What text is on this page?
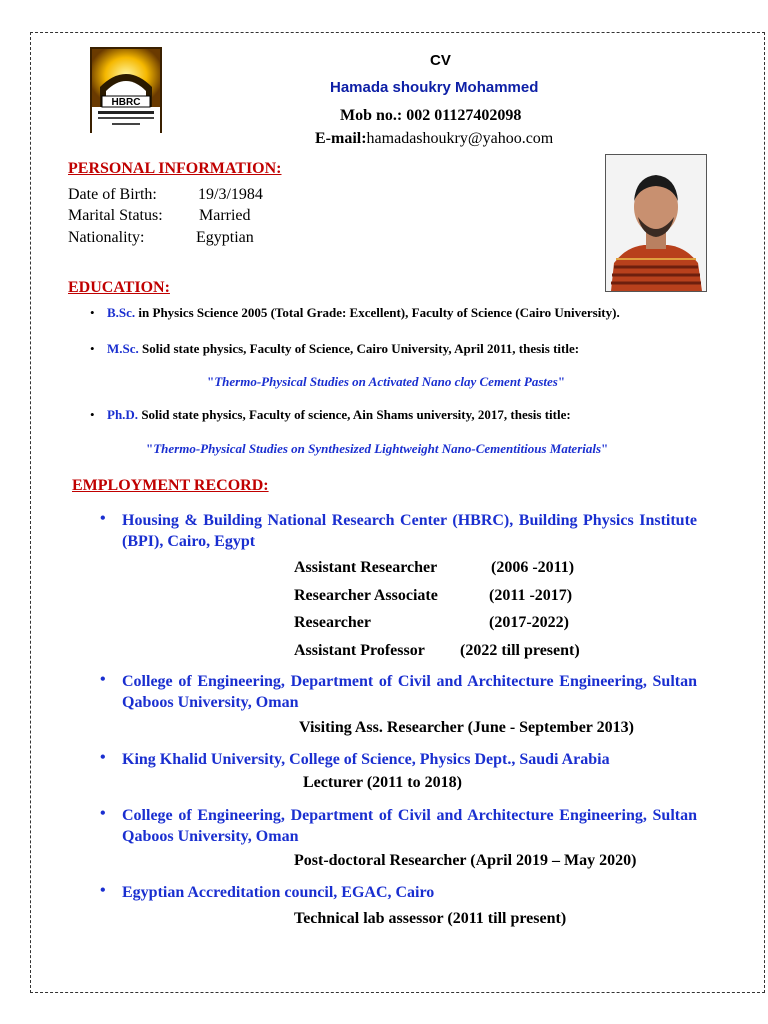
HBRC
CV
Hamada shoukry Mohammed
Mob no.: 002 01127402098
E-mail:hamadashoukry@yahoo.com
PERSONAL INFORMATION:
Date of Birth:	19/3/1984
Marital Status: Married
Nationality:	Egyptian
EDUCATION:
• B.Sc. in Physics Science 2005 (Total Grade: Excellent), Faculty of Science (Cairo University).
• M.Sc. Solid state physics, Faculty of Science, Cairo University, April 2011, thesis title:
"Thermo-Physical Studies on Activated Nano clay Cement Pastes"
• Ph.D. Solid state physics, Faculty of science, Ain Shams university, 2017, thesis title:
"Thermo-Physical Studies on Synthesized Lightweight Nano-Cementitious Materials"
EMPLOYMENT RECORD:
• Housing & Building National Research Center (HBRC), Building Physics Institute (BPI), Cairo, Egypt
Assistant Researcher	(2006 -2011)
Researcher Associate	(2011 -2017)
Researcher	(2017-2022)
Assistant Professor (2022 till present)
• College of Engineering, Department of Civil and Architecture Engineering, Sultan Qaboos University, Oman
Visiting Ass. Researcher (June - September 2013)
• King Khalid University, College of Science, Physics Dept., Saudi Arabia
Lecturer (2011 to 2018)
• College of Engineering, Department of Civil and Architecture Engineering, Sultan Qaboos University, Oman
Post-doctoral Researcher (April 2019 – May 2020)
• Egyptian Accreditation council, EGAC, Cairo
Technical lab assessor (2011 till present)
